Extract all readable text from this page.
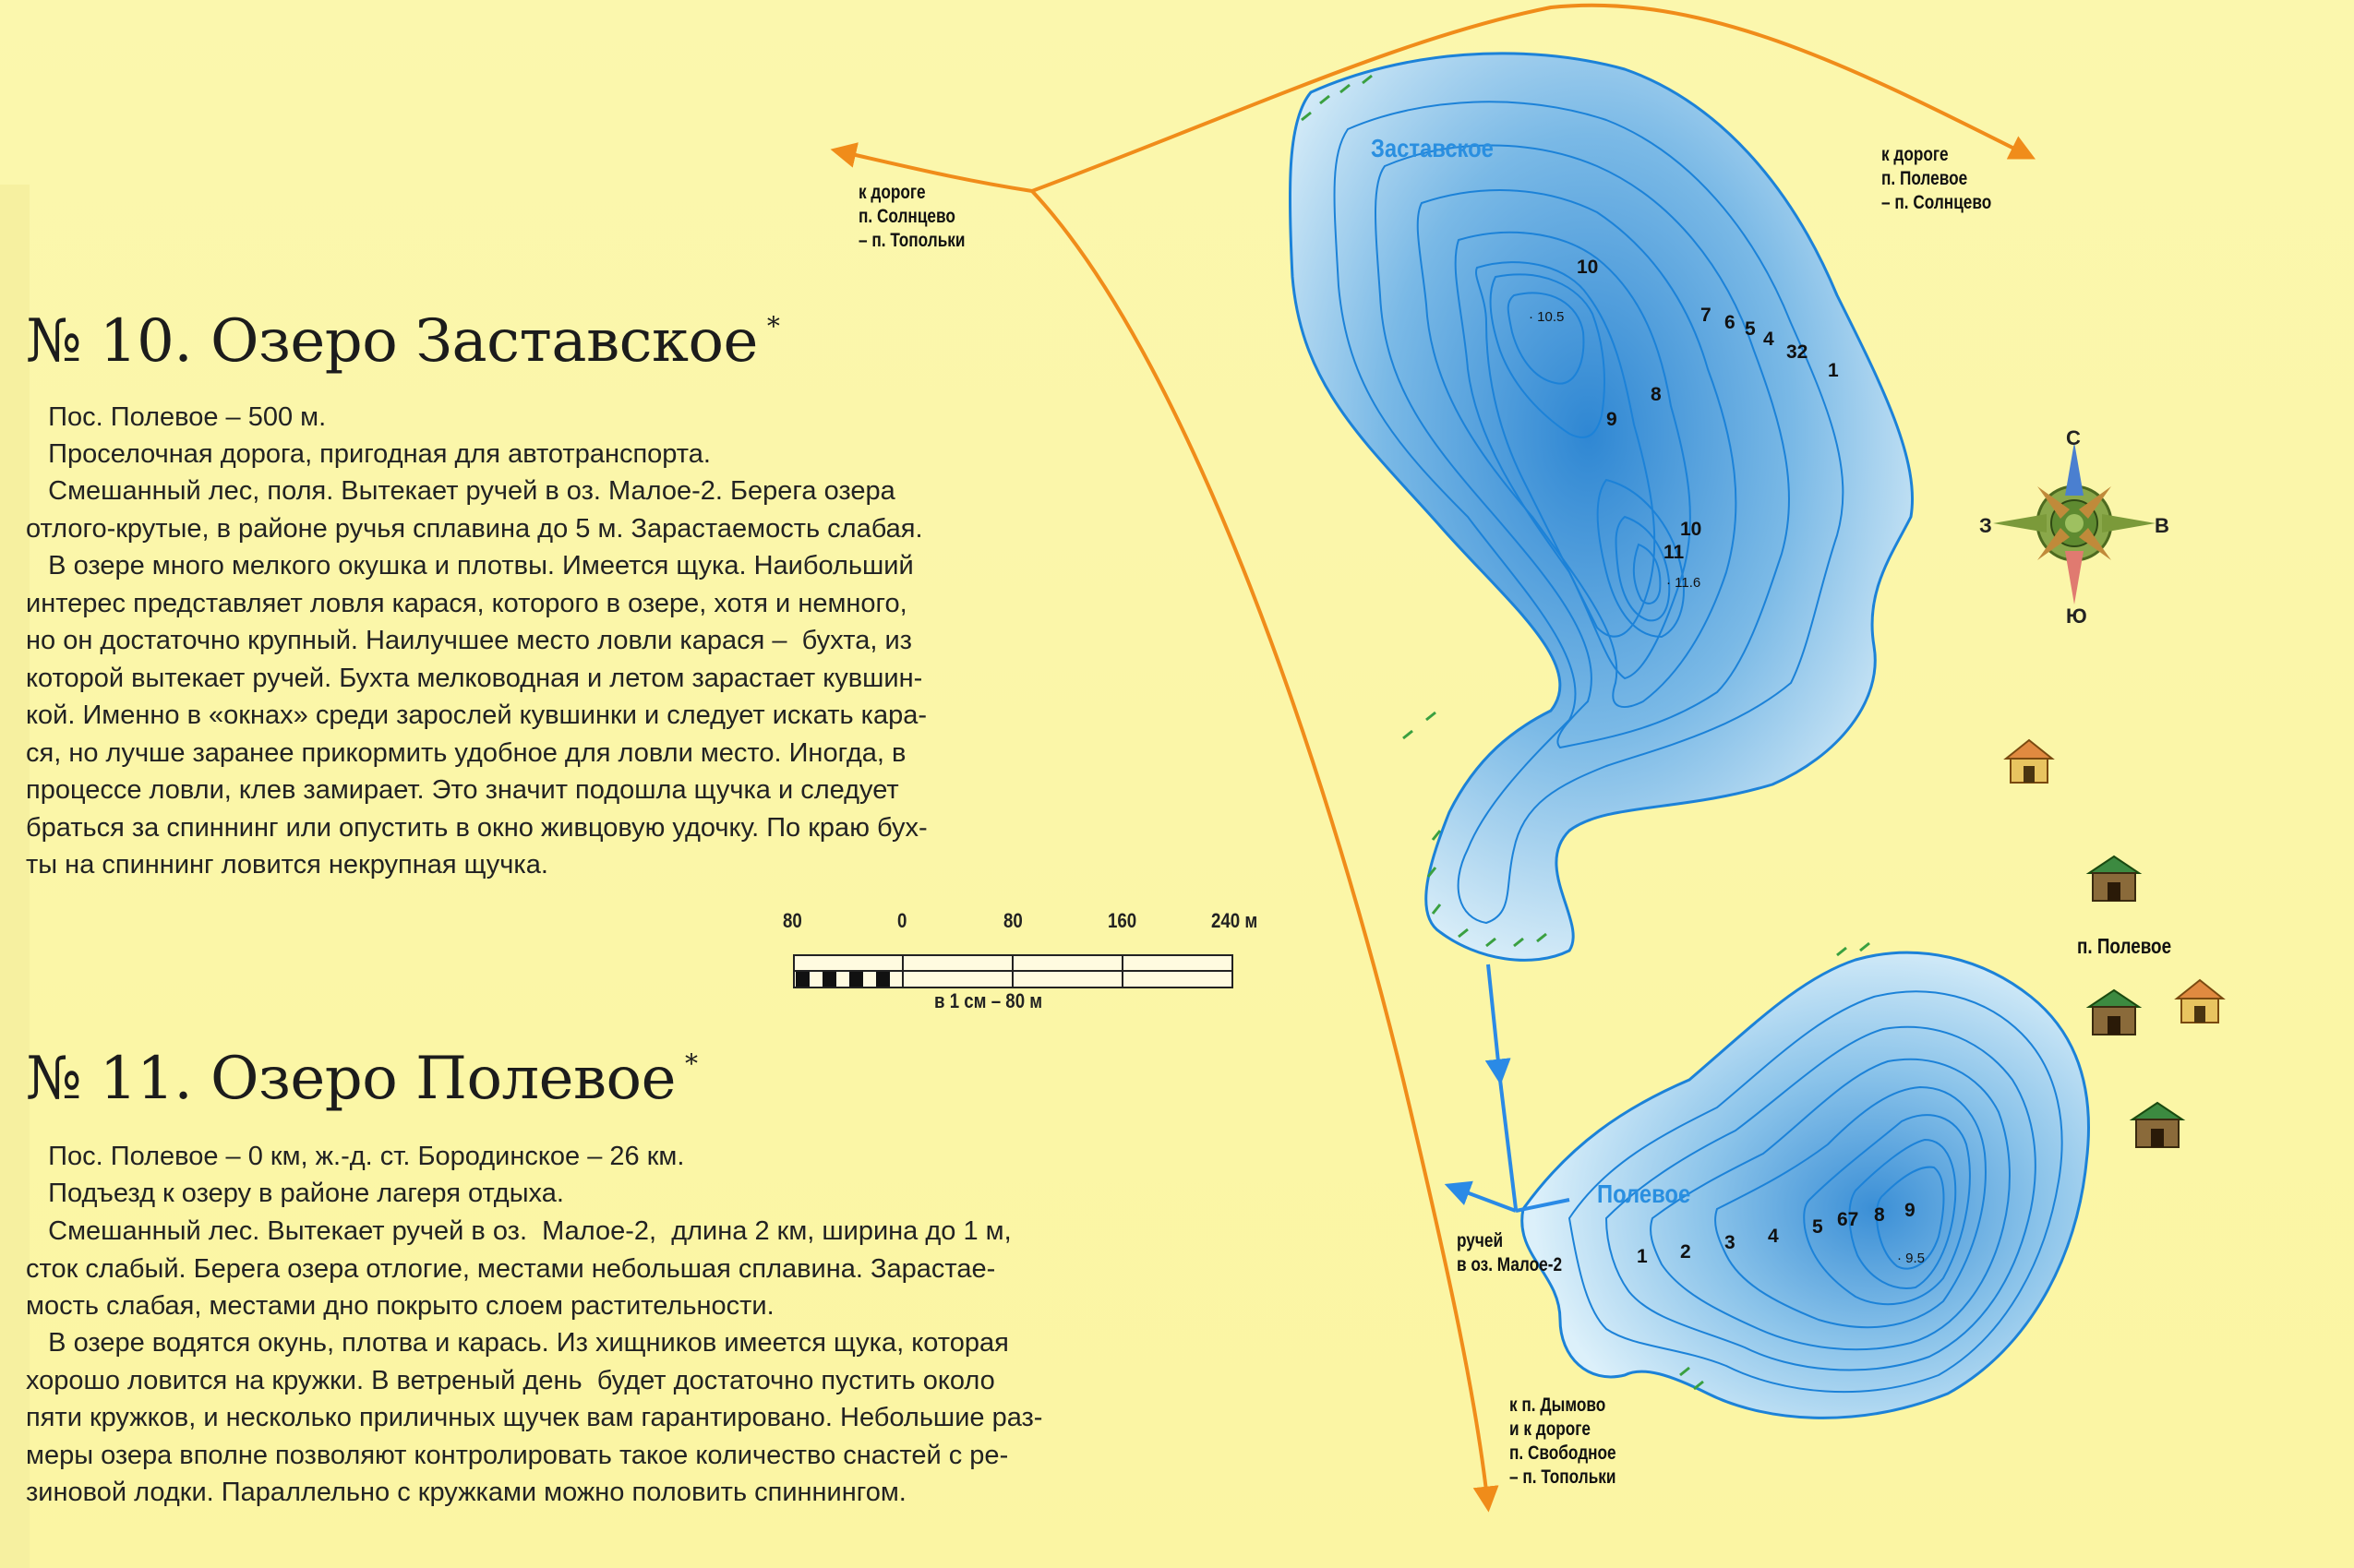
№ 10. Озеро Заставское *
Пос. Полевое – 500 м.
Проселочная дорога, пригодная для автотранспорта.
Смешанный лес, поля. Вытекает ручей в оз. Малое-2. Берега озера
отлого-крутые, в районе ручья сплавина до 5 м. Зарастаемость слабая.
В озере много мелкого окушка и плотвы. Имеется щука. Наибольший
интерес представляет ловля карася, которого в озере, хотя и немного,
но он достаточно крупный. Наилучшее место ловли карася –  бухта, из
которой вытекает ручей. Бухта мелководная и летом зарастает кувшин-
кой. Именно в «окнах» среди зарослей кувшинки и следует искать кара-
ся, но лучше заранее прикормить удобное для ловли место. Иногда, в
процессе ловли, клев замирает. Это значит подошла щучка и следует
браться за спиннинг или опустить в окно живцовую удочку. По краю бух-
ты на спиннинг ловится некрупная щучка.
№ 11. Озеро Полевое *
Пос. Полевое – 0 км, ж.-д. ст. Бородинское – 26 км.
Подъезд к озеру в районе лагеря отдыха.
Смешанный лес. Вытекает ручей в оз.  Малое-2,  длина 2 км, ширина до 1 м,
сток слабый. Берега озера отлогие, местами небольшая сплавина. Зарастае-
мость слабая, местами дно покрыто слоем растительности.
В озере водятся окунь, плотва и карась. Из хищников имеется щука, которая
хорошо ловится на кружки. В ветреный день  будет достаточно пустить около
пяти кружков, и несколько приличных щучек вам гарантировано. Небольшие раз-
меры озера вполне позволяют контролировать такое количество снастей с ре-
зиновой лодки. Параллельно с кружками можно половить спиннингом.
к дороге
п. Солнцево
– п. Топольки
к дороге
п. Полевое
– п. Солнцево
к п. Дымово
и к дороге
п. Свободное
– п. Топольки
ручей
в оз. Малое-2
п. Полевое
Заставское
Полевое
10
· 10.5
9
8
7 6 5 4
32
1
10
11
· 11.6
1 2 3 4 5 67 8 9
· 9.5
80	0	80	160	240 м
в 1 см – 80 м
С
Ю
З	В
